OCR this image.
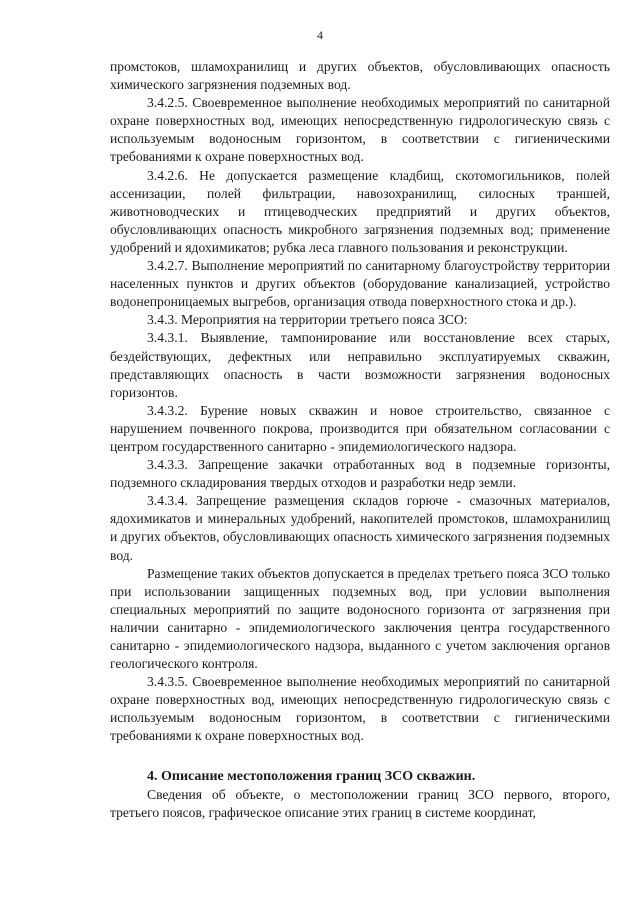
4

промстоков, шламохранилищ и других объектов, обусловливающих опасность химического загрязнения подземных вод.

3.4.2.5. Своевременное выполнение необходимых мероприятий по санитарной охране поверхностных вод, имеющих непосредственную гидрологическую связь с используемым водоносным горизонтом, в соответствии с гигиеническими требованиями к охране поверхностных вод.

3.4.2.6. Не допускается размещение кладбищ, скотомогильников, полей ассенизации, полей фильтрации, навозохранилищ, силосных траншей, животноводческих и птицеводческих предприятий и других объектов, обусловливающих опасность микробного загрязнения подземных вод; применение удобрений и ядохимикатов; рубка леса главного пользования и реконструкции.

3.4.2.7. Выполнение мероприятий по санитарному благоустройству территории населенных пунктов и других объектов (оборудование канализацией, устройство водонепроницаемых выгребов, организация отвода поверхностного стока и др.).

3.4.3. Мероприятия на территории третьего пояса ЗСО:

3.4.3.1. Выявление, тампонирование или восстановление всех старых, бездействующих, дефектных или неправильно эксплуатируемых скважин, представляющих опасность в части возможности загрязнения водоносных горизонтов.

3.4.3.2. Бурение новых скважин и новое строительство, связанное с нарушением почвенного покрова, производится при обязательном согласовании с центром государственного санитарно - эпидемиологического надзора.

3.4.3.3. Запрещение закачки отработанных вод в подземные горизонты, подземного складирования твердых отходов и разработки недр земли.

3.4.3.4. Запрещение размещения складов горюче - смазочных материалов, ядохимикатов и минеральных удобрений, накопителей промстоков, шламохранилищ и других объектов, обусловливающих опасность химического загрязнения подземных вод.

Размещение таких объектов допускается в пределах третьего пояса ЗСО только при использовании защищенных подземных вод, при условии выполнения специальных мероприятий по защите водоносного горизонта от загрязнения при наличии санитарно - эпидемиологического заключения центра государственного санитарно - эпидемиологического надзора, выданного с учетом заключения органов геологического контроля.

3.4.3.5. Своевременное выполнение необходимых мероприятий по санитарной охране поверхностных вод, имеющих непосредственную гидрологическую связь с используемым водоносным горизонтом, в соответствии с гигиеническими требованиями к охране поверхностных вод.

4. Описание местоположения границ ЗСО скважин.

Сведения об объекте, о местоположении границ ЗСО первого, второго, третьего поясов, графическое описание этих границ в системе координат,
